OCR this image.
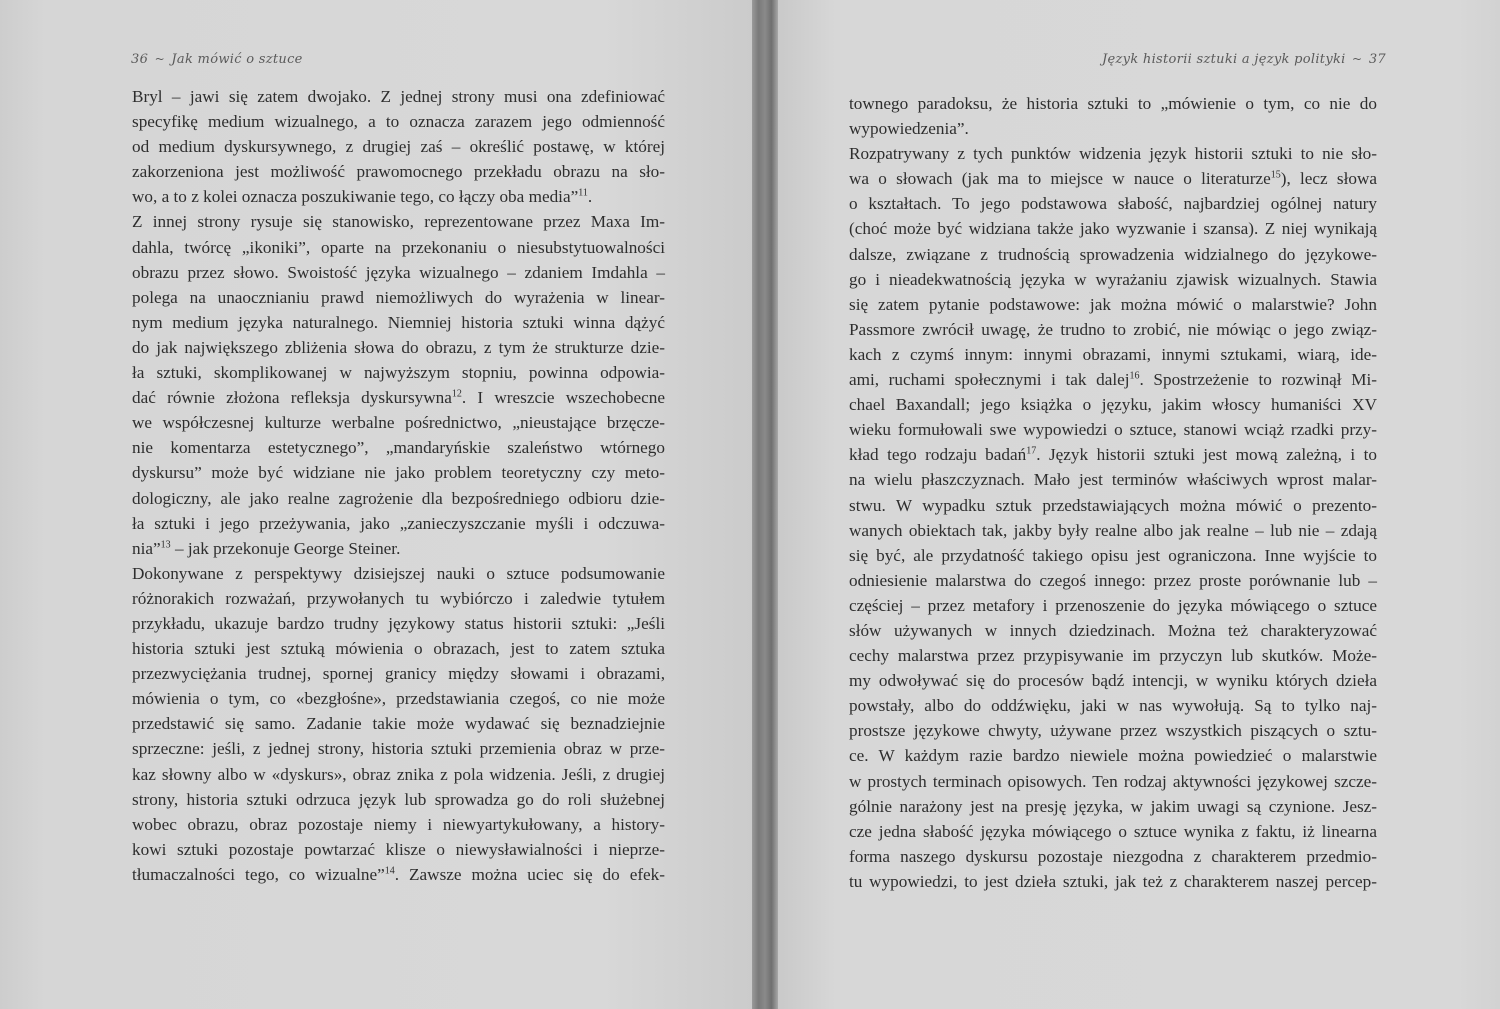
36 ~ Jak mówić o sztuce
Bryl – jawi się zatem dwojako. Z jednej strony musi ona zdefiniować
specyfikę medium wizualnego, a to oznacza zarazem jego odmienność
od medium dyskursywnego, z drugiej zaś – określić postawę, w której
zakorzeniona jest możliwość prawomocnego przekładu obrazu na sło-
wo, a to z kolei oznacza poszukiwanie tego, co łączy oba media”$^{11}$.
Z innej strony rysuje się stanowisko, reprezentowane przez Maxa Im-
dahla, twórcę „ikoniki”, oparte na przekonaniu o niesubstytuowalności
obrazu przez słowo. Swoistość języka wizualnego – zdaniem Imdahla –
polega na unaocznianiu prawd niemożliwych do wyrażenia w linear-
nym medium języka naturalnego. Niemniej historia sztuki winna dążyć
do jak największego zbliżenia słowa do obrazu, z tym że strukturze dzie-
ła sztuki, skomplikowanej w najwyższym stopniu, powinna odpowia-
dać równie złożona refleksja dyskursywna$^{12}$. I wreszcie wszechobecne
we współczesnej kulturze werbalne pośrednictwo, „nieustające brzęcze-
nie komentarza estetycznego”, „mandaryńskie szaleństwo wtórnego
dyskursu” może być widziane nie jako problem teoretyczny czy meto-
dologiczny, ale jako realne zagrożenie dla bezpośredniego odbioru dzie-
ła sztuki i jego przeżywania, jako „zanieczyszczanie myśli i odczuwa-
nia”$^{13}$ – jak przekonuje George Steiner.
Dokonywane z perspektywy dzisiejszej nauki o sztuce podsumowanie
różnorakich rozważań, przywołanych tu wybiórczo i zaledwie tytułem
przykładu, ukazuje bardzo trudny językowy status historii sztuki: „Jeśli
historia sztuki jest sztuką mówienia o obrazach, jest to zatem sztuka
przezwyciężania trudnej, spornej granicy między słowami i obrazami,
mówienia o tym, co «bezgłośne», przedstawiania czegoś, co nie może
przedstawić się samo. Zadanie takie może wydawać się beznadziejnie
sprzeczne: jeśli, z jednej strony, historia sztuki przemienia obraz w prze-
kaz słowny albo w «dyskurs», obraz znika z pola widzenia. Jeśli, z drugiej
strony, historia sztuki odrzuca język lub sprowadza go do roli służebnej
wobec obrazu, obraz pozostaje niemy i niewyartykułowany, a history-
kowi sztuki pozostaje powtarzać klisze o niewysławialności i nieprze-
tłumaczalności tego, co wizualne”$^{14}$. Zawsze można uciec się do efek-
Język historii sztuki a język polityki ~ 37
townego paradoksu, że historia sztuki to „mówienie o tym, co nie do
wypowiedzenia”.
Rozpatrywany z tych punktów widzenia język historii sztuki to nie sło-
wa o słowach (jak ma to miejsce w nauce o literaturze$^{15}$), lecz słowa
o kształtach. To jego podstawowa słabość, najbardziej ogólnej natury
(choć może być widziana także jako wyzwanie i szansa). Z niej wynikają
dalsze, związane z trudnością sprowadzenia widzialnego do językowe-
go i nieadekwatnością języka w wyrażaniu zjawisk wizualnych. Stawia
się zatem pytanie podstawowe: jak można mówić o malarstwie? John
Passmore zwrócił uwagę, że trudno to zrobić, nie mówiąc o jego związ-
kach z czymś innym: innymi obrazami, innymi sztukami, wiarą, ide-
ami, ruchami społecznymi i tak dalej$^{16}$. Spostrzeżenie to rozwinął Mi-
chael Baxandall; jego książka o języku, jakim włoscy humaniści XV
wieku formułowali swe wypowiedzi o sztuce, stanowi wciąż rzadki przy-
kład tego rodzaju badań$^{17}$. Język historii sztuki jest mową zależną, i to
na wielu płaszczyznach. Mało jest terminów właściwych wprost malar-
stwu. W wypadku sztuk przedstawiających można mówić o prezento-
wanych obiektach tak, jakby były realne albo jak realne – lub nie – zdają
się być, ale przydatność takiego opisu jest ograniczona. Inne wyjście to
odniesienie malarstwa do czegoś innego: przez proste porównanie lub –
częściej – przez metafory i przenoszenie do języka mówiącego o sztuce
słów używanych w innych dziedzinach. Można też charakteryzować
cechy malarstwa przez przypisywanie im przyczyn lub skutków. Może-
my odwoływać się do procesów bądź intencji, w wyniku których dzieła
powstały, albo do oddźwięku, jaki w nas wywołują. Są to tylko naj-
prostsze językowe chwyty, używane przez wszystkich piszących o sztu-
ce. W każdym razie bardzo niewiele można powiedzieć o malarstwie
w prostych terminach opisowych. Ten rodzaj aktywności językowej szcze-
gólnie narażony jest na presję języka, w jakim uwagi są czynione. Jesz-
cze jedna słabość języka mówiącego o sztuce wynika z faktu, iż linearna
forma naszego dyskursu pozostaje niezgodna z charakterem przedmio-
tu wypowiedzi, to jest dzieła sztuki, jak też z charakterem naszej percep-
